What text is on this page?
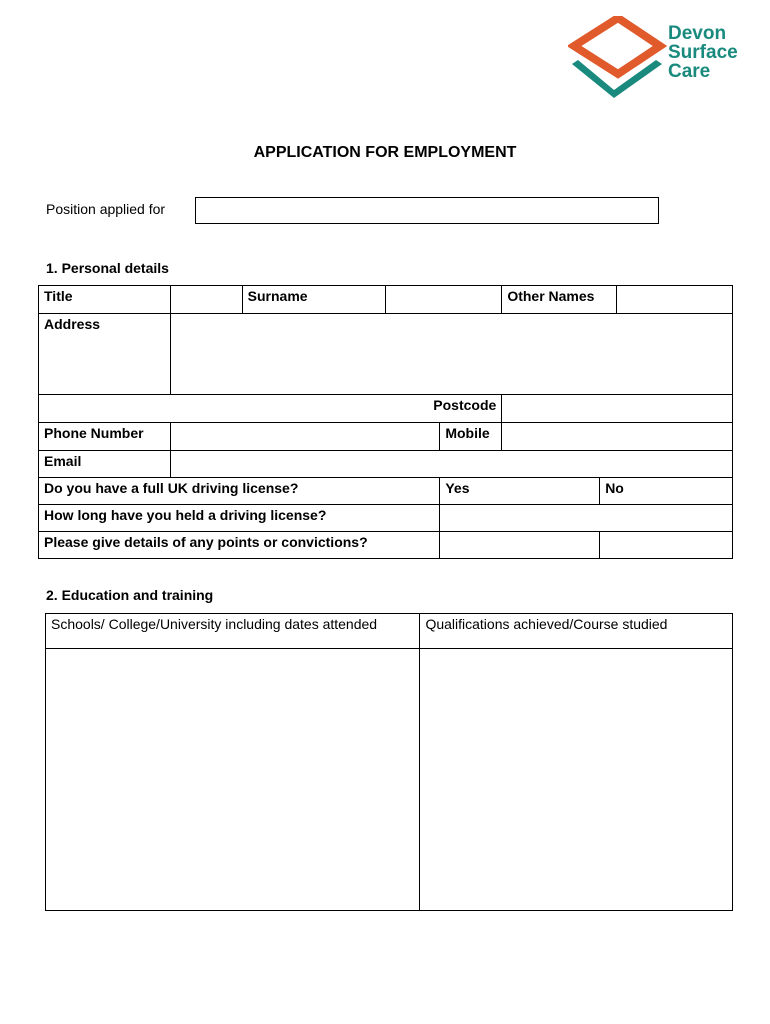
Devon
Surface
Care
APPLICATION FOR EMPLOYMENT
Position applied for
1. Personal details
Title		Surname			Other Names		
Address							
Postcode							
Phone Number				Mobile			
Email							
Do you have a full UK driving license?				Yes		No	
How long have you held a driving license?							
Please give details of any points or convictions?							
2. Education and training
Schools/ College/University including dates attended	Qualifications achieved/Course studied
